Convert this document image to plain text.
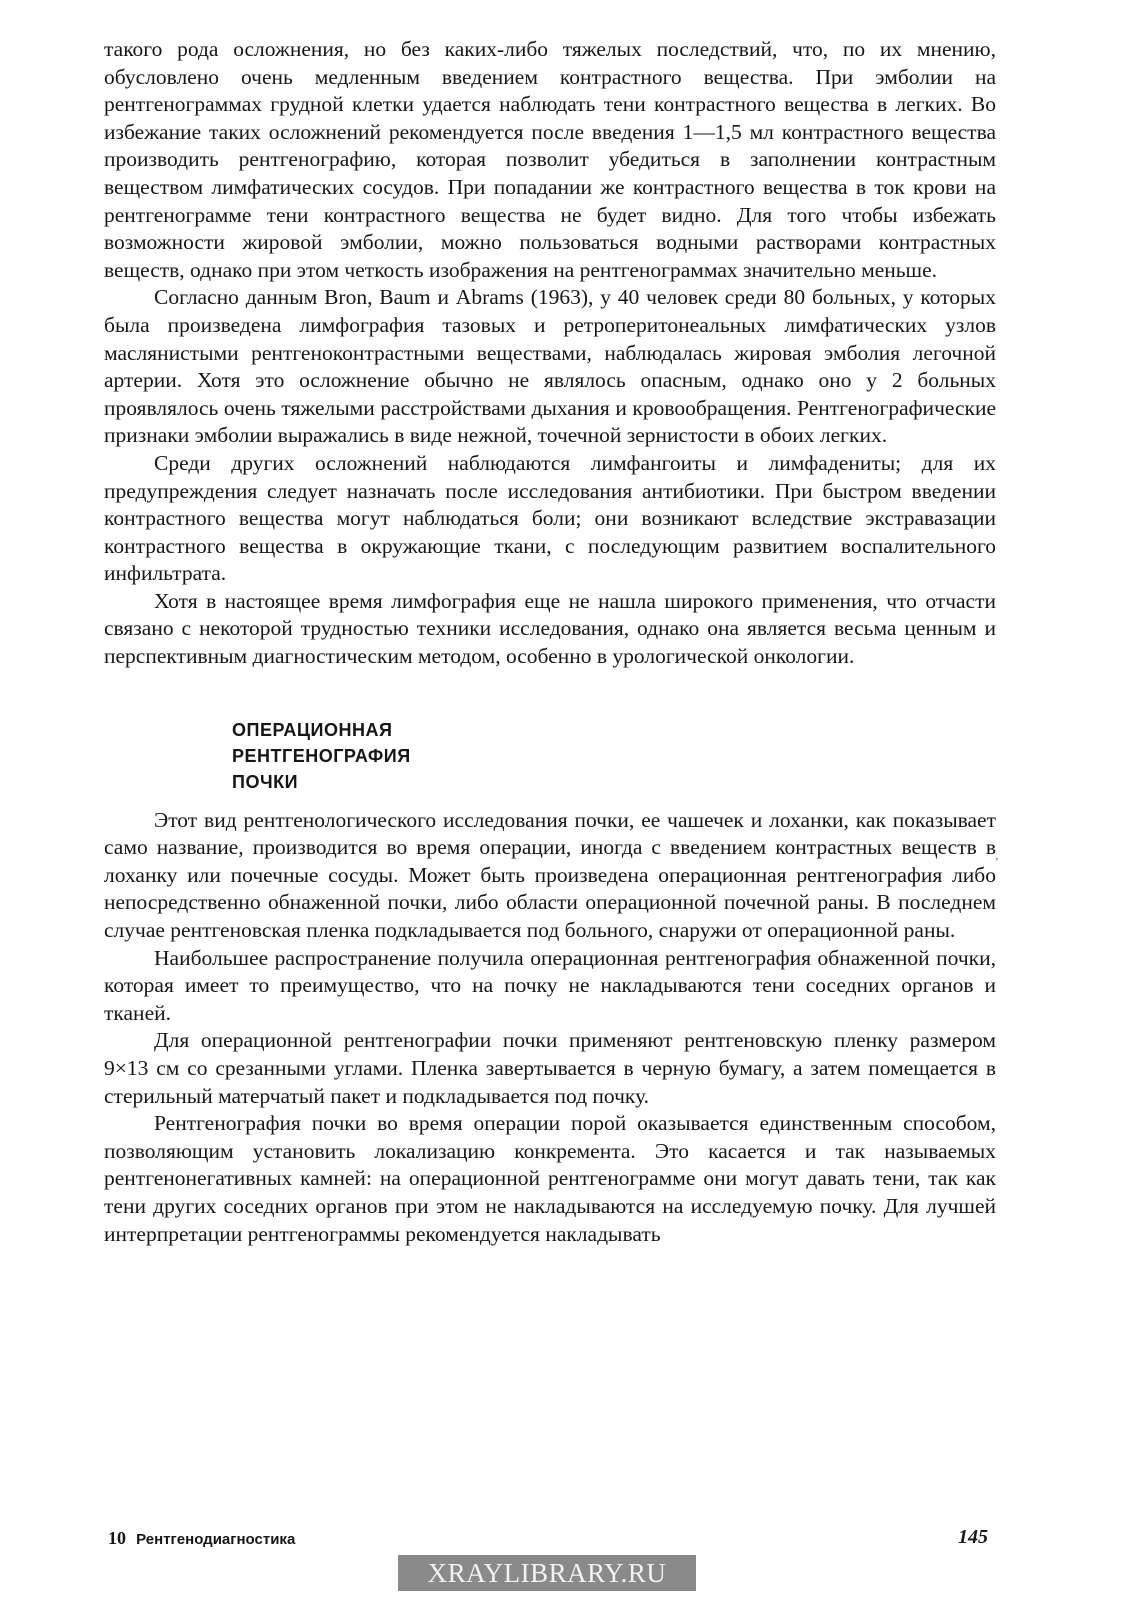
такого рода осложнения, но без каких-либо тяжелых последствий, что, по их мнению, обусловлено очень медленным введением контрастного вещества. При эмболии на рентгенограммах грудной клетки удается наблюдать тени контрастного вещества в легких. Во избежание таких осложнений рекомендуется после введения 1—1,5 мл контрастного вещества производить рентгенографию, которая позволит убедиться в заполнении контрастным веществом лимфатических сосудов. При попадании же контрастного вещества в ток крови на рентгенограмме тени контрастного вещества не будет видно. Для того чтобы избежать возможности жировой эмболии, можно пользоваться водными растворами контрастных веществ, однако при этом четкость изображения на рентгенограммах значительно меньше.

Согласно данным Bron, Baum и Abrams (1963), у 40 человек среди 80 больных, у которых была произведена лимфография тазовых и ретроперитонеальных лимфатических узлов маслянистыми рентгеноконтрастными веществами, наблюдалась жировая эмболия легочной артерии. Хотя это осложнение обычно не являлось опасным, однако оно у 2 больных проявлялось очень тяжелыми расстройствами дыхания и кровообращения. Рентгенографические признаки эмболии выражались в виде нежной, точечной зернистости в обоих легких.

Среди других осложнений наблюдаются лимфангоиты и лимфадениты; для их предупреждения следует назначать после исследования антибиотики. При быстром введении контрастного вещества могут наблюдаться боли; они возникают вследствие экстравазации контрастного вещества в окружающие ткани, с последующим развитием воспалительного инфильтрата.

Хотя в настоящее время лимфография еще не нашла широкого применения, что отчасти связано с некоторой трудностью техники исследования, однако она является весьма ценным и перспективным диагностическим методом, особенно в урологической онкологии.

ОПЕРАЦИОННАЯ
РЕНТГЕНОГРАФИЯ
ПОЧКИ

Этот вид рентгенологического исследования почки, ее чашечек и лоханки, как показывает само название, производится во время операции, иногда с введением контрастных веществ в лоханку или почечные сосуды. Может быть произведена операционная рентгенография либо непосредственно обнаженной почки, либо области операционной почечной раны. В последнем случае рентгеновская пленка подкладывается под больного, снаружи от операционной раны.

Наибольшее распространение получила операционная рентгенография обнаженной почки, которая имеет то преимущество, что на почку не накладываются тени соседних органов и тканей.

Для операционной рентгенографии почки применяют рентгеновскую пленку размером 9×13 см со срезанными углами. Пленка завертывается в черную бумагу, а затем помещается в стерильный матерчатый пакет и подкладывается под почку.

Рентгенография почки во время операции порой оказывается единственным способом, позволяющим установить локализацию конкремента. Это касается и так называемых рентгенонегативных камней: на операционной рентгенограмме они могут давать тени, так как тени других соседних органов при этом не накладываются на исследуемую почку. Для лучшей интерпретации рентгенограммы рекомендуется накладывать

’
10 Рентгенодиагностика	145
XRAYLIBRARY.RU
